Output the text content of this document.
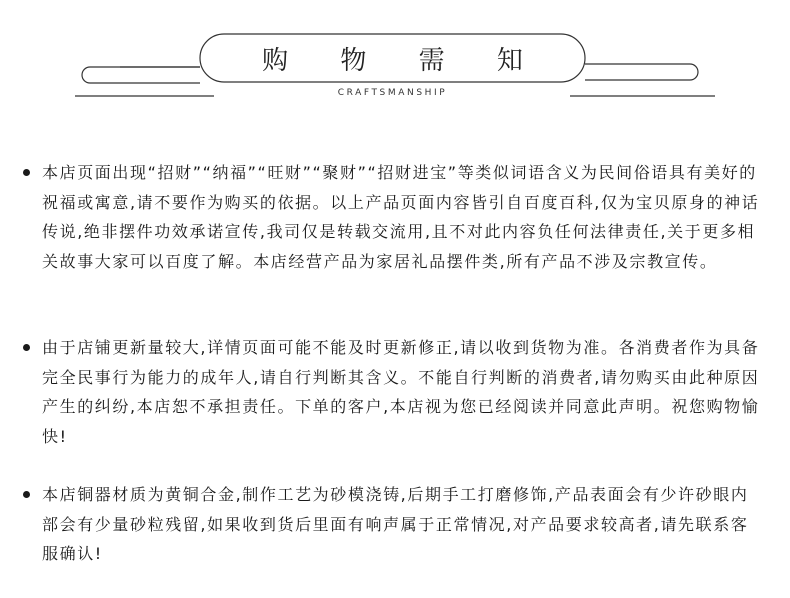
购 物 需 知
CRAFTSMANSHIP

本店页面出现“招财”“纳福”“旺财”“聚财”“招财进宝”等类似词语含义为民间俗语具有美好的祝福或寓意,请不要作为购买的依据。以上产品页面内容皆引自百度百科,仅为宝贝原身的神话传说,绝非摆件功效承诺宣传,我司仅是转载交流用,且不对此内容负任何法律责任,关于更多相关故事大家可以百度了解。本店经营产品为家居礼品摆件类,所有产品不涉及宗教宣传。

由于店铺更新量较大,详情页面可能不能及时更新修正,请以收到货物为准。各消费者作为具备完全民事行为能力的成年人,请自行判断其含义。不能自行判断的消费者,请勿购买由此种原因产生的纠纷,本店恕不承担责任。下单的客户,本店视为您已经阅读并同意此声明。祝您购物愉快!

本店铜器材质为黄铜合金,制作工艺为砂模浇铸,后期手工打磨修饰,产品表面会有少许砂眼内部会有少量砂粒残留,如果收到货后里面有响声属于正常情况,对产品要求较高者,请先联系客服确认!
